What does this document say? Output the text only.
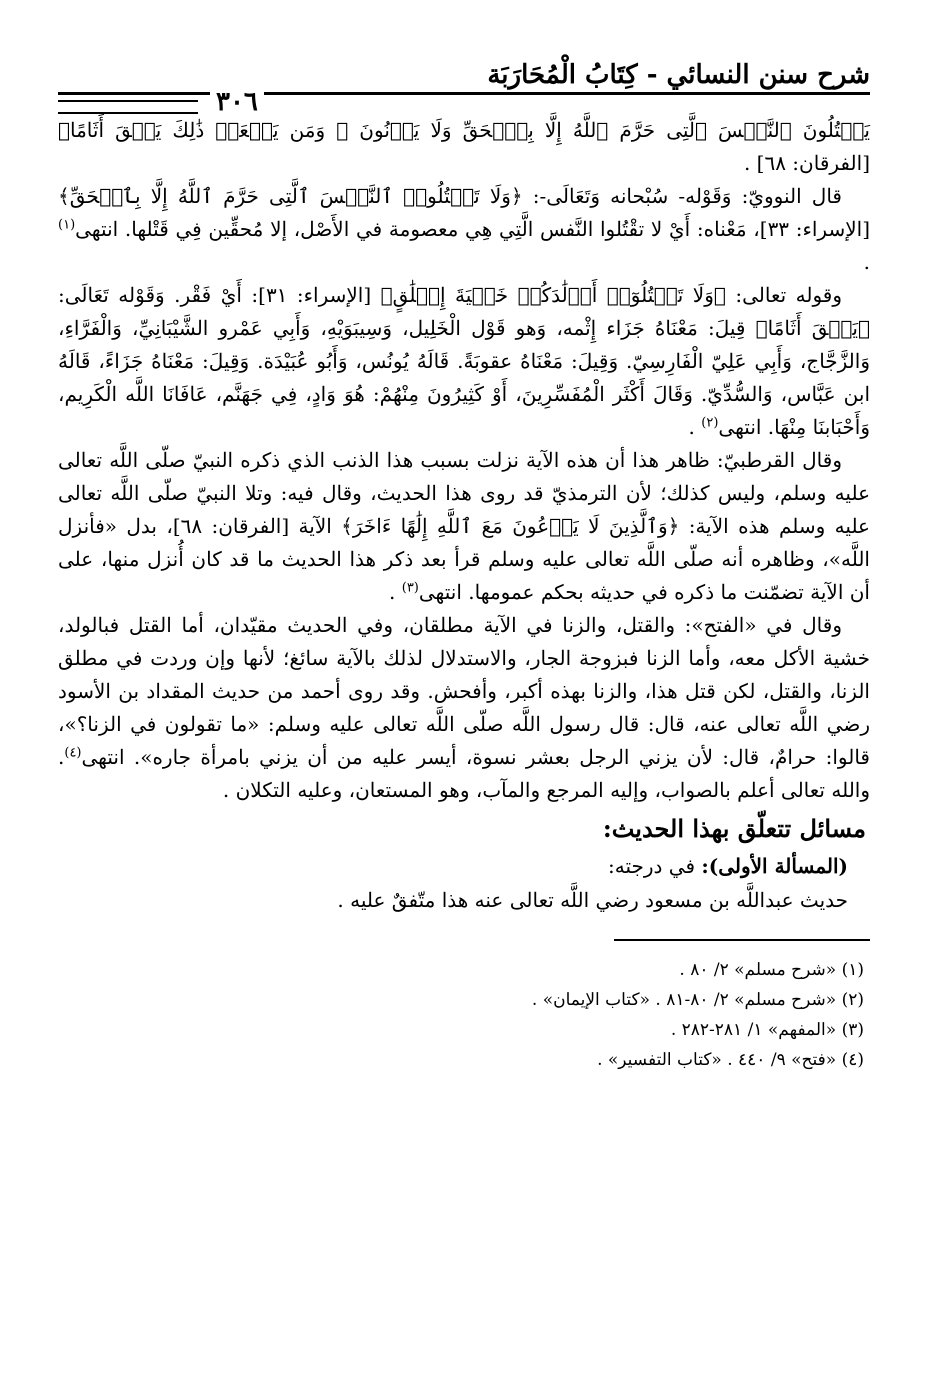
شرح سنن النسائي - كِتَابُ الْمُحَارَبَة
٣٠٦

يَقۡتُلُونَ ٱلنَّفۡسَ ٱلَّتِى حَرَّمَ ٱللَّهُ إِلَّا بِٱلۡحَقِّ وَلَا يَزۡنُونَ ۚ وَمَن يَفۡعَلۡ ذَٰلِكَ يَلۡقَ أَثَامًا﴾ [الفرقان: ٦٨] .

قال النوويّ: وَقَوْله- سُبْحانه وَتَعَالَى-: ﴿وَلَا تَقۡتُلُوا۟ ٱلنَّفۡسَ ٱلَّتِى حَرَّمَ ٱللَّهُ إِلَّا بِٱلۡحَقِّ﴾ [الإسراء: ٣٣]، مَعْناه: أَيْ لا تقْتُلوا النَّفس الَّتِي هِي معصومة في الأَصْل، إلا مُحقِّين فِي قَتْلها. انتهى$^{(١)}$ .

وقوله تعالى: ﴿وَلَا تَقۡتُلُوٓا۟ أَوۡلَٰدَكُمۡ خَشۡيَةَ إِمۡلَٰقٍ﴾ [الإسراء: ٣١]: أَيْ فَقْر. وَقَوْله تَعَالَى: ﴿يَلۡقَ أَثَامًا﴾ قِيلَ: مَعْنَاهُ جَزَاء إِثْمه، وَهو قَوْل الْخَلِيل، وَسِيبَوَيْهِ، وَأَبِي عَمْرو الشَّيْبَانِيِّ، وَالْفَرَّاءِ، وَالزَّجَّاج، وَأَبِي عَلِيّ الْفَارِسِيّ. وَقِيلَ: مَعْنَاهُ عقوبَةً. قَالَهُ يُونُس، وَأَبُو عُبَيْدَة. وَقِيلَ: مَعْنَاهُ جَزَاءً، قَالَهُ ابن عَبَّاس، وَالسُّدِّيّ. وَقَالَ أَكْثَر الْمُفَسِّرِينَ، أَوْ كَثِيرُونَ مِنْهُمْ: هُوَ وَادٍ، فِي جَهَنَّم، عَافَانَا اللَّه الْكَرِيم، وَأَحْبَابنَا مِنْهَا. انتهى$^{(٢)}$ .

وقال القرطبيّ: ظاهر هذا أن هذه الآية نزلت بسبب هذا الذنب الذي ذكره النبيّ صلّى اللَّه تعالى عليه وسلم، وليس كذلك؛ لأن الترمذيّ قد روى هذا الحديث، وقال فيه: وتلا النبيّ صلّى اللَّه تعالى عليه وسلم هذه الآية: ﴿وَٱلَّذِينَ لَا يَدۡعُونَ مَعَ ٱللَّهِ إِلَٰهًا ءَاخَرَ﴾ الآية [الفرقان: ٦٨]، بدل «فأنزل اللَّه»، وظاهره أنه صلّى اللَّه تعالى عليه وسلم قرأ بعد ذكر هذا الحديث ما قد كان أُنزل منها، على أن الآية تضمّنت ما ذكره في حديثه بحكم عمومها. انتهى$^{(٣)}$ .

وقال في «الفتح»: والقتل، والزنا في الآية مطلقان، وفي الحديث مقيّدان، أما القتل فبالولد، خشية الأكل معه، وأما الزنا فبزوجة الجار، والاستدلال لذلك بالآية سائغ؛ لأنها وإن وردت في مطلق الزنا، والقتل، لكن قتل هذا، والزنا بهذه أكبر، وأفحش. وقد روى أحمد من حديث المقداد بن الأسود رضي اللَّه تعالى عنه، قال: قال رسول اللَّه صلّى اللَّه تعالى عليه وسلم: «ما تقولون في الزنا؟»، قالوا: حرامٌ، قال: لأن يزني الرجل بعشر نسوة، أيسر عليه من أن يزني بامرأة جاره». انتهى$^{(٤)}$. والله تعالى أعلم بالصواب، وإليه المرجع والمآب، وهو المستعان، وعليه التكلان .

مسائل تتعلّق بهذا الحديث:
(المسألة الأولى): في درجته:
حديث عبداللَّه بن مسعود رضي اللَّه تعالى عنه هذا متّفقٌ عليه .
(١) «شرح مسلم» ٢/ ٨٠ .
(٢) «شرح مسلم» ٢/ ٨٠-٨١ . «كتاب الإيمان» .
(٣) «المفهم» ١/ ٢٨١-٢٨٢ .
(٤) «فتح» ٩/ ٤٤٠ . «كتاب التفسير» .
